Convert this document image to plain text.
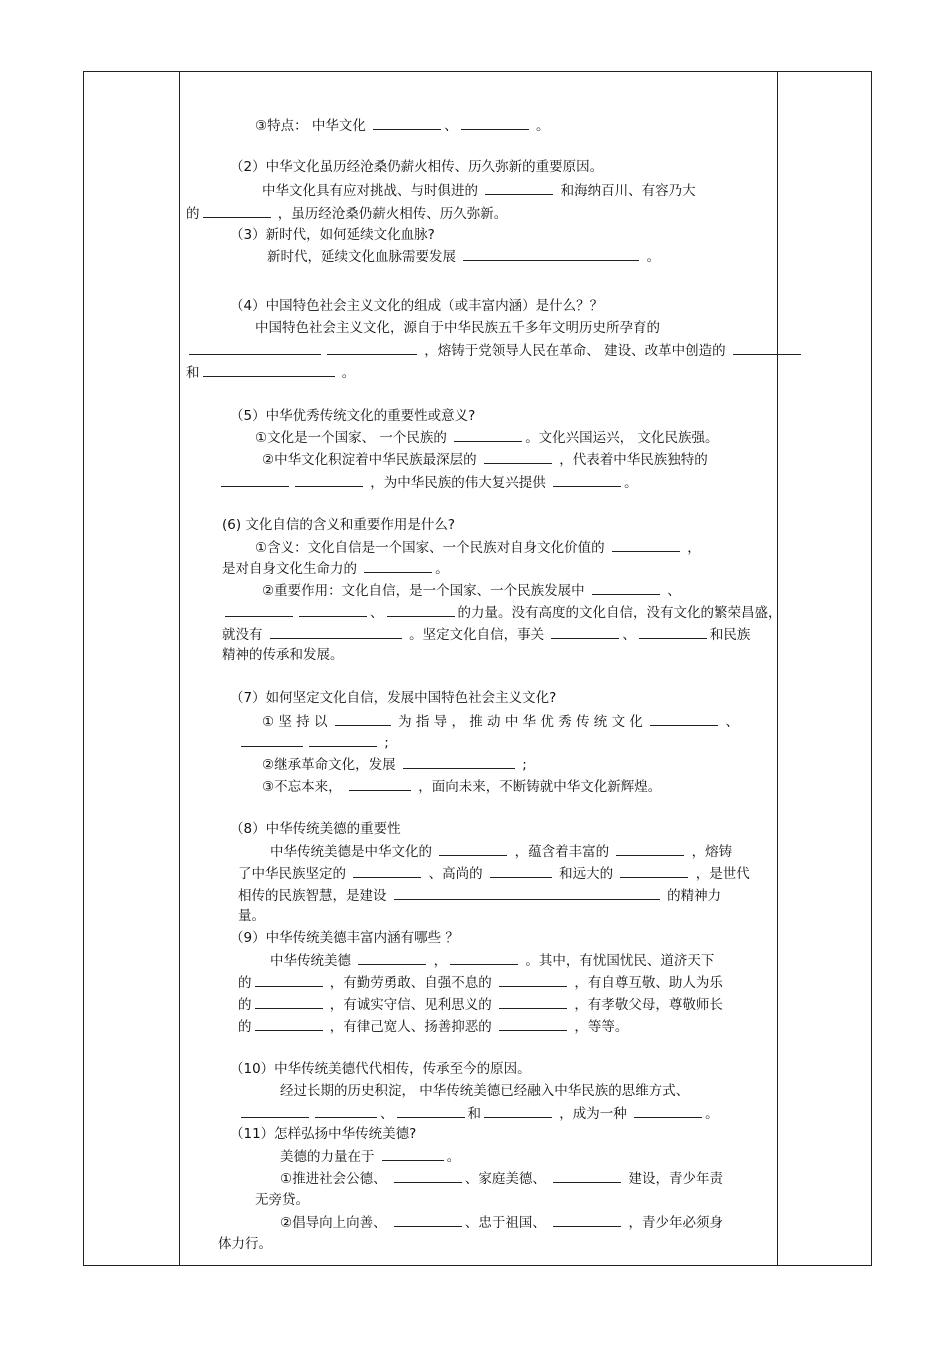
③特点： 中华文化	、	。
（2）中华文化虽历经沧桑仍薪火相传、历久弥新的重要原因。
中华文化具有应对挑战、与时俱进的	和海纳百川、有容乃大
的	，虽历经沧桑仍薪火相传、历久弥新。
（3）新时代，如何延续文化血脉?
新时代，延续文化血脉需要发展	。
（4）中国特色社会主义文化的组成（或丰富内涵）是什么？？
中国特色社会主义文化，源自于中华民族五千多年文明历史所孕育的
，熔铸于党领导人民在革命、 建设、改革中创造的
和	。
（5）中华优秀传统文化的重要性或意义?
①文化是一个国家、 一个民族的	。文化兴国运兴， 文化民族强。
②中华文化积淀着中华民族最深层的	，代表着中华民族独特的
，为中华民族的伟大复兴提供	。
(6) 文化自信的含义和重要作用是什么?
①含义：文化自信是一个国家、一个民族对自身文化价值的	，
是对自身文化生命力的	。
②重要作用：文化自信，是一个国家、一个民族发展中	、
、	的力量。没有高度的文化自信，没有文化的繁荣昌盛，
就没有	。坚定文化自信，事关	、	和民族
精神的传承和发展。
（7）如何坚定文化自信，发展中国特色社会主义文化?
① 坚 持 以	为 指 导 ， 推 动 中 华 优 秀 传 统 文 化	、
;
②继承革命文化，发展	;
③不忘本来，	，面向未来，不断铸就中华文化新辉煌。
（8）中华传统美德的重要性
中华传统美德是中华文化的	，蕴含着丰富的	，熔铸
了中华民族坚定的	、高尚的	和远大的	，是世代
相传的民族智慧，是建设	的精神力
量。
（9）中华传统美德丰富内涵有哪些 ？
中华传统美德	，	。其中，有忧国忧民、道济天下
的	，有勤劳勇敢、自强不息的	，有自尊互敬、助人为乐
的	，有诚实守信、见利思义的	，有孝敬父母，尊敬师长
的	，有律己宽人、扬善抑恶的	，等等。
（10）中华传统美德代代相传，传承至今的原因。
经过长期的历史积淀， 中华传统美德已经融入中华民族的思维方式、
、	和	，成为一种	。
（11）怎样弘扬中华传统美德?
美德的力量在于	。
①推进社会公德、	、家庭美德、	建设，青少年责
无旁贷。
②倡导向上向善、	、忠于祖国、	，青少年必须身
体力行。
